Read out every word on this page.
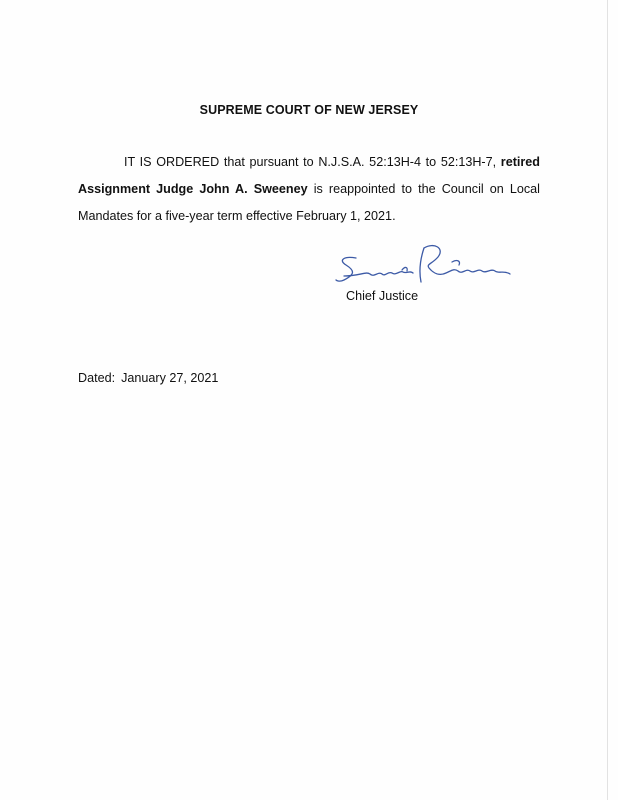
SUPREME COURT OF NEW JERSEY

IT IS ORDERED that pursuant to N.J.S.A. 52:13H-4 to 52:13H-7, retired Assignment Judge John A. Sweeney is reappointed to the Council on Local Mandates for a five-year term effective February 1, 2021.

Chief Justice
Dated: January 27, 2021
